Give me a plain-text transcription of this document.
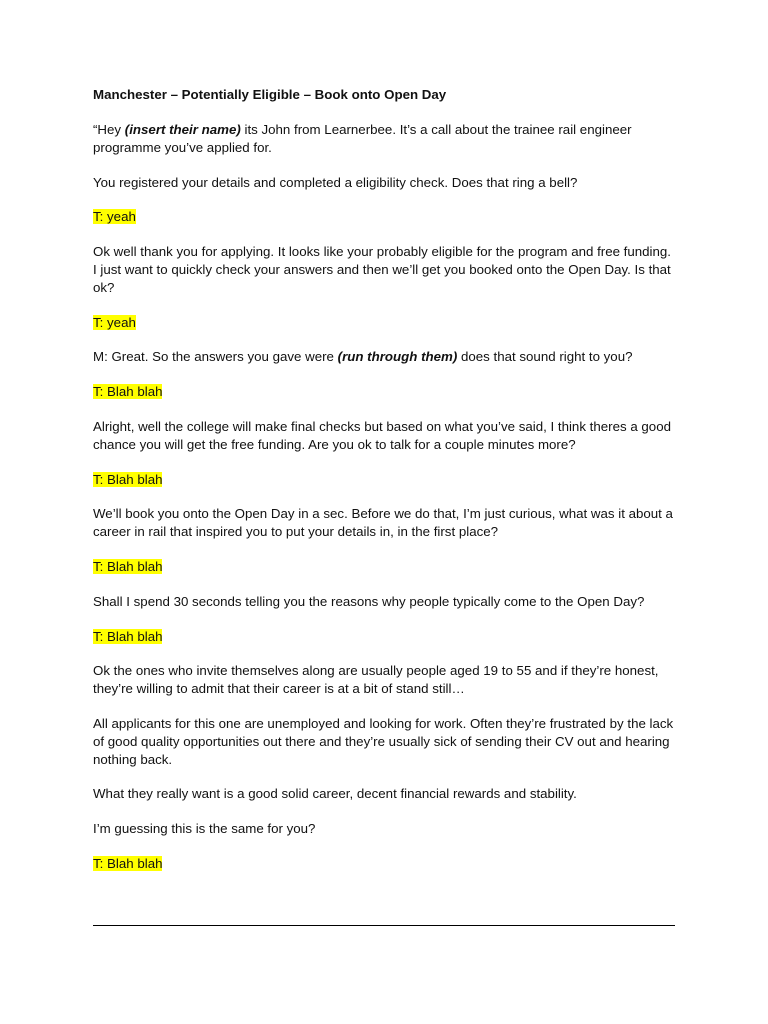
Manchester – Potentially Eligible – Book onto Open Day

“Hey (insert their name) its John from Learnerbee. It’s a call about the trainee rail engineer programme you’ve applied for.

You registered your details and completed a eligibility check. Does that ring a bell?

T: yeah

Ok well thank you for applying. It looks like your probably eligible for the program and free funding. I just want to quickly check your answers and then we’ll get you booked onto the Open Day. Is that ok?

T: yeah

M: Great. So the answers you gave were (run through them) does that sound right to you?

T: Blah blah

Alright, well the college will make final checks but based on what you’ve said, I think theres a good chance you will get the free funding. Are you ok to talk for a couple minutes more?

T: Blah blah

We’ll book you onto the Open Day in a sec. Before we do that, I’m just curious, what was it about a career in rail that inspired you to put your details in, in the first place?

T: Blah blah

Shall I spend 30 seconds telling you the reasons why people typically come to the Open Day?

T: Blah blah

Ok the ones who invite themselves along are usually people aged 19 to 55 and if they’re honest, they’re willing to admit that their career is at a bit of stand still…

All applicants for this one are unemployed and looking for work. Often they’re frustrated by the lack of good quality opportunities out there and they’re usually sick of sending their CV out and hearing nothing back.

What they really want is a good solid career, decent financial rewards and stability.

I’m guessing this is the same for you?

T: Blah blah
